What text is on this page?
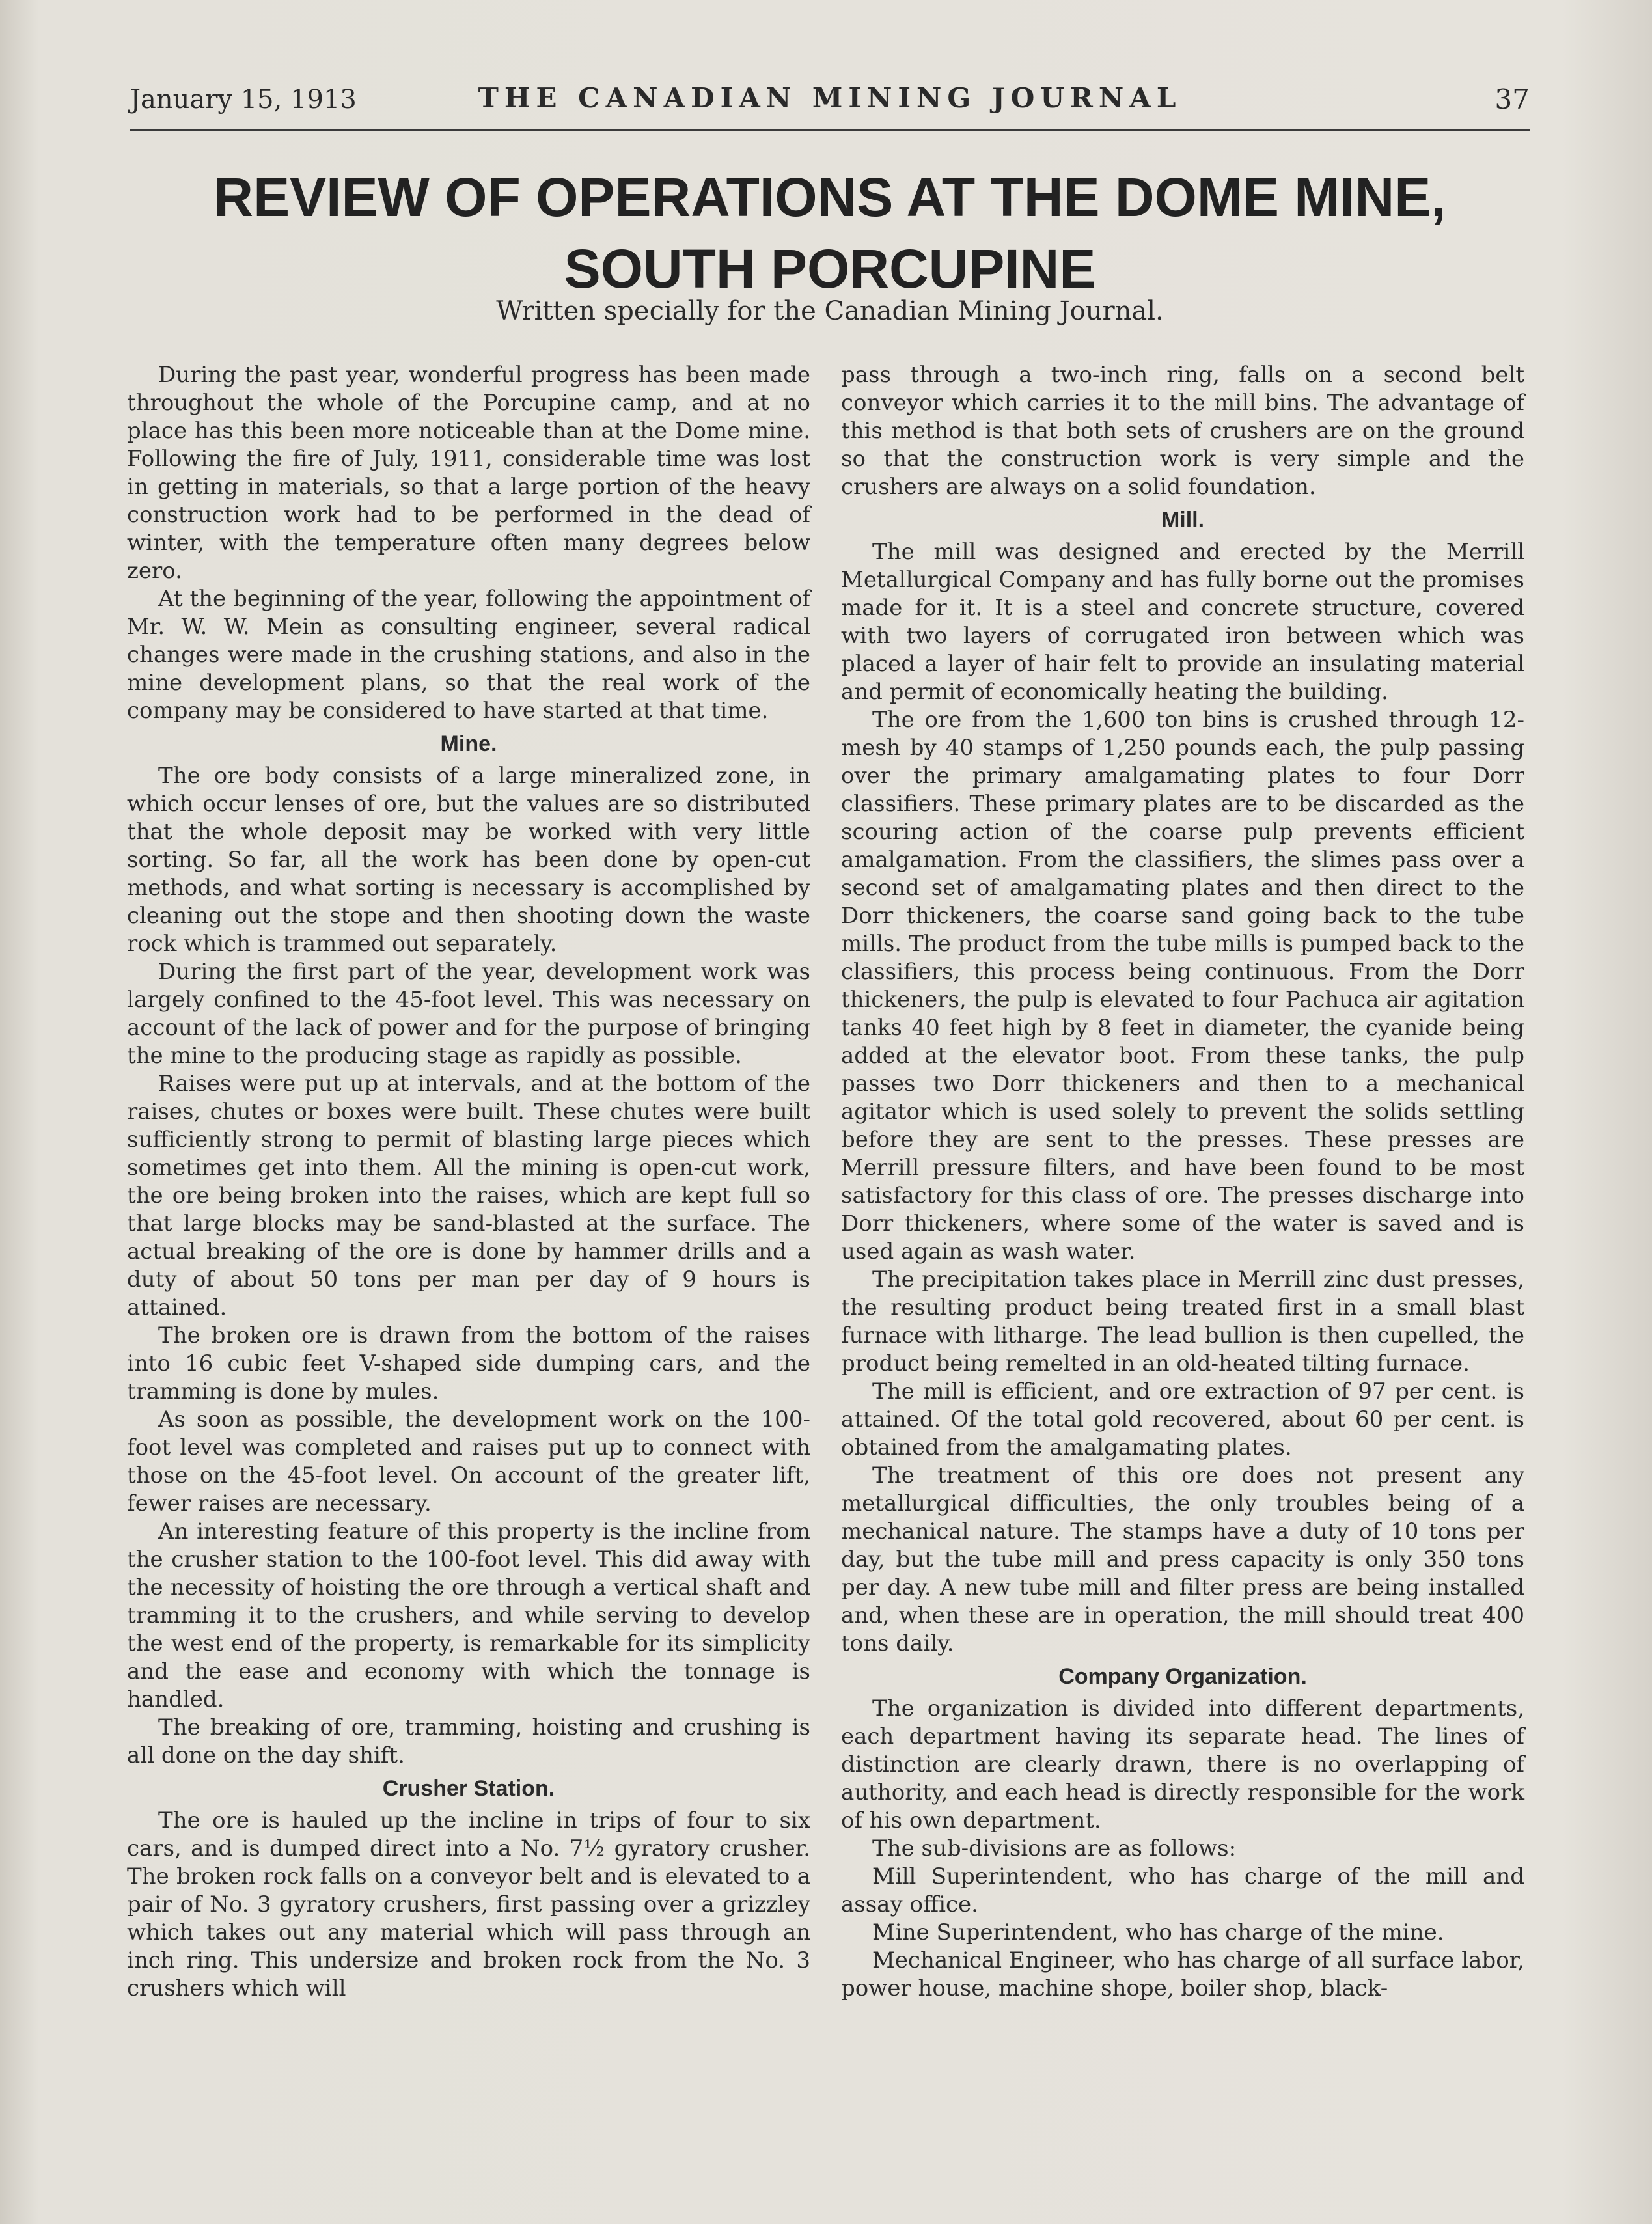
January 15, 1913	THE CANADIAN MINING JOURNAL	37
REVIEW OF OPERATIONS AT THE DOME MINE,
SOUTH PORCUPINE
Written specially for the Canadian Mining Journal.

During the past year, wonderful progress has been made throughout the whole of the Porcupine camp, and at no place has this been more noticeable than at the Dome mine. Following the fire of July, 1911, considerable time was lost in getting in materials, so that a large portion of the heavy construction work had to be performed in the dead of winter, with the temperature often many degrees below zero.

At the beginning of the year, following the appointment of Mr. W. W. Mein as consulting engineer, several radical changes were made in the crushing stations, and also in the mine development plans, so that the real work of the company may be considered to have started at that time.

Mine.

The ore body consists of a large mineralized zone, in which occur lenses of ore, but the values are so distributed that the whole deposit may be worked with very little sorting. So far, all the work has been done by open-cut methods, and what sorting is necessary is accomplished by cleaning out the stope and then shooting down the waste rock which is trammed out separately.

During the first part of the year, development work was largely confined to the 45-foot level. This was necessary on account of the lack of power and for the purpose of bringing the mine to the producing stage as rapidly as possible.

Raises were put up at intervals, and at the bottom of the raises, chutes or boxes were built. These chutes were built sufficiently strong to permit of blasting large pieces which sometimes get into them. All the mining is open-cut work, the ore being broken into the raises, which are kept full so that large blocks may be sand-blasted at the surface. The actual breaking of the ore is done by hammer drills and a duty of about 50 tons per man per day of 9 hours is attained.

The broken ore is drawn from the bottom of the raises into 16 cubic feet V-shaped side dumping cars, and the tramming is done by mules.

As soon as possible, the development work on the 100-foot level was completed and raises put up to connect with those on the 45-foot level. On account of the greater lift, fewer raises are necessary.

An interesting feature of this property is the incline from the crusher station to the 100-foot level. This did away with the necessity of hoisting the ore through a vertical shaft and tramming it to the crushers, and while serving to develop the west end of the property, is remarkable for its simplicity and the ease and economy with which the tonnage is handled.

The breaking of ore, tramming, hoisting and crushing is all done on the day shift.

Crusher Station.

The ore is hauled up the incline in trips of four to six cars, and is dumped direct into a No. 7½ gyratory crusher. The broken rock falls on a conveyor belt and is elevated to a pair of No. 3 gyratory crushers, first passing over a grizzley which takes out any material which will pass through an inch ring. This undersize and broken rock from the No. 3 crushers which will

pass through a two-inch ring, falls on a second belt conveyor which carries it to the mill bins. The advantage of this method is that both sets of crushers are on the ground so that the construction work is very simple and the crushers are always on a solid foundation.

Mill.

The mill was designed and erected by the Merrill Metallurgical Company and has fully borne out the promises made for it. It is a steel and concrete structure, covered with two layers of corrugated iron between which was placed a layer of hair felt to provide an insulating material and permit of economically heating the building.

The ore from the 1,600 ton bins is crushed through 12-mesh by 40 stamps of 1,250 pounds each, the pulp passing over the primary amalgamating plates to four Dorr classifiers. These primary plates are to be discarded as the scouring action of the coarse pulp prevents efficient amalgamation. From the classifiers, the slimes pass over a second set of amalgamating plates and then direct to the Dorr thickeners, the coarse sand going back to the tube mills. The product from the tube mills is pumped back to the classifiers, this process being continuous. From the Dorr thickeners, the pulp is elevated to four Pachuca air agitation tanks 40 feet high by 8 feet in diameter, the cyanide being added at the elevator boot. From these tanks, the pulp passes two Dorr thickeners and then to a mechanical agitator which is used solely to prevent the solids settling before they are sent to the presses. These presses are Merrill pressure filters, and have been found to be most satisfactory for this class of ore. The presses discharge into Dorr thickeners, where some of the water is saved and is used again as wash water.

The precipitation takes place in Merrill zinc dust presses, the resulting product being treated first in a small blast furnace with litharge. The lead bullion is then cupelled, the product being remelted in an old-heated tilting furnace.

The mill is efficient, and ore extraction of 97 per cent. is attained. Of the total gold recovered, about 60 per cent. is obtained from the amalgamating plates.

The treatment of this ore does not present any metallurgical difficulties, the only troubles being of a mechanical nature. The stamps have a duty of 10 tons per day, but the tube mill and press capacity is only 350 tons per day. A new tube mill and filter press are being installed and, when these are in operation, the mill should treat 400 tons daily.

Company Organization.

The organization is divided into different departments, each department having its separate head. The lines of distinction are clearly drawn, there is no overlapping of authority, and each head is directly responsible for the work of his own department.

The sub-divisions are as follows:

Mill Superintendent, who has charge of the mill and assay office.

Mine Superintendent, who has charge of the mine.

Mechanical Engineer, who has charge of all surface labor, power house, machine shope, boiler shop, black-
